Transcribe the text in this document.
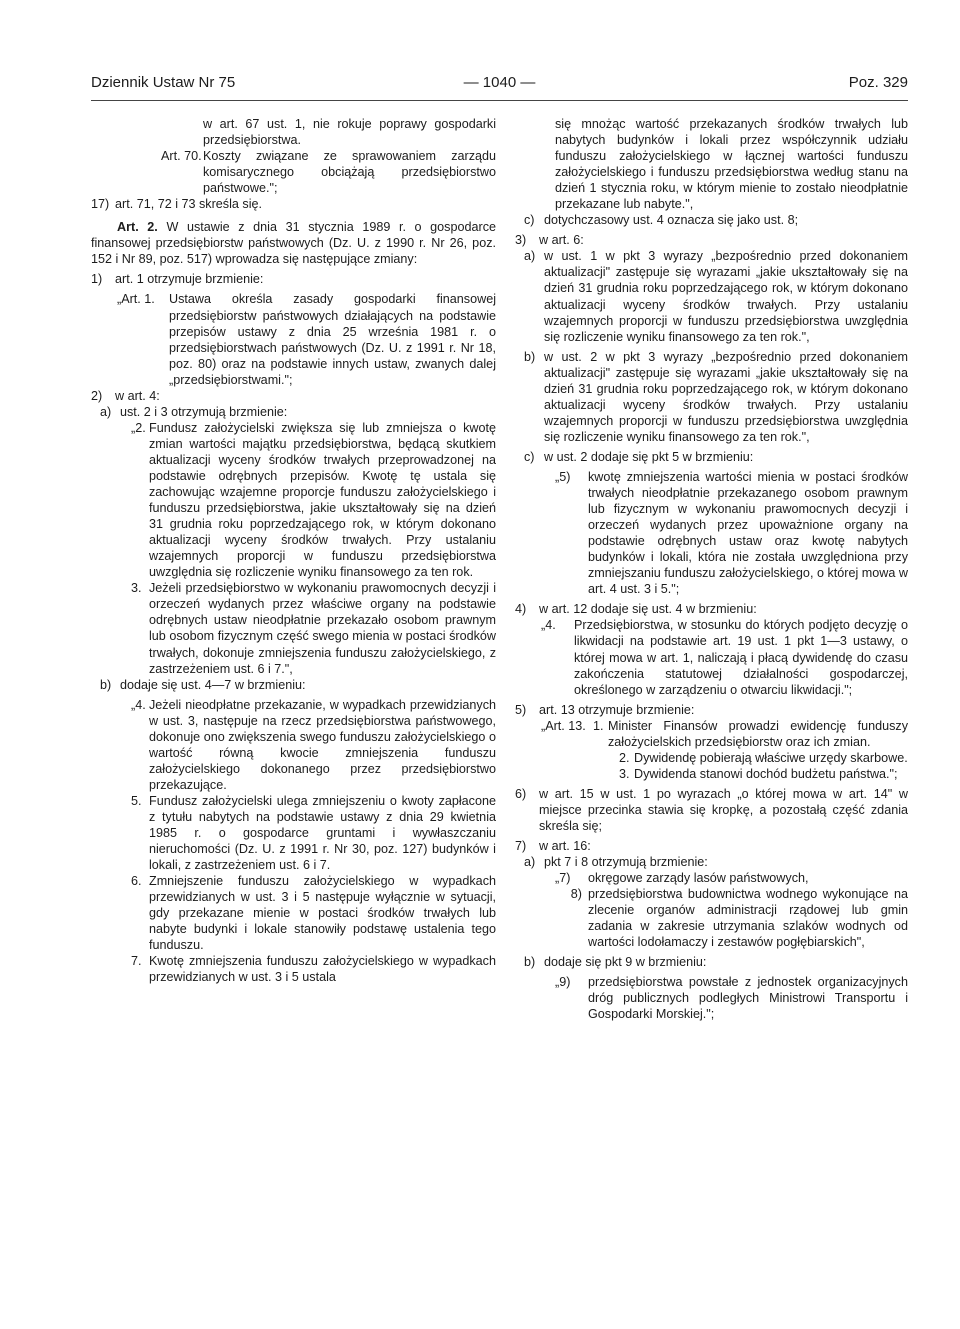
Dziennik Ustaw Nr 75	— 1040 —	Poz. 329

w art. 67 ust. 1, nie rokuje poprawy gospodarki przedsiębiorstwa.

Art. 70. Koszty związane ze sprawowaniem zarządu komisarycznego obciążają przedsiębiorstwo państwowe.";
17) art. 71, 72 i 73 skreśla się.

Art. 2. W ustawie z dnia 31 stycznia 1989 r. o gospodarce finansowej przedsiębiorstw państwowych (Dz. U. z 1990 r. Nr 26, poz. 152 i Nr 89, poz. 517) wprowadza się następujące zmiany:

1)	art. 1 otrzymuje brzmienie:
„Art. 1.	Ustawa określa zasady gospodarki finansowej przedsiębiorstw państwowych działających na podstawie przepisów ustawy z dnia 25 września 1981 r. o przedsiębiorstwach państwowych (Dz. U. z 1991 r. Nr 18, poz. 80) oraz na podstawie innych ustaw, zwanych dalej „przedsiębiorstwami.";
2)	w art. 4:
a) ust. 2 i 3 otrzymują brzmienie:
„2. Fundusz założycielski zwiększa się lub zmniejsza o kwotę zmian wartości majątku przedsiębiorstwa, będącą skutkiem aktualizacji wyceny środków trwałych przeprowadzonej na podstawie odrębnych przepisów. Kwotę tę ustala się zachowując wzajemne proporcje funduszu założycielskiego i funduszu przedsiębiorstwa, jakie ukształtowały się na dzień 31 grudnia roku poprzedzającego rok, w którym dokonano aktualizacji wyceny środków trwałych. Przy ustalaniu wzajemnych proporcji w funduszu przedsiębiorstwa uwzględnia się rozliczenie wyniku finansowego za ten rok.
3. Jeżeli przedsiębiorstwo w wykonaniu prawomocnych decyzji i orzeczeń wydanych przez właściwe organy na podstawie odrębnych ustaw nieodpłatnie przekazało osobom prawnym lub osobom fizycznym część swego mienia w postaci środków trwałych, dokonuje zmniejszenia funduszu założycielskiego, z zastrzeżeniem ust. 6 i 7.",
b) dodaje się ust. 4—7 w brzmieniu:
„4. Jeżeli nieodpłatne przekazanie, w wypadkach przewidzianych w ust. 3, następuje na rzecz przedsiębiorstwa państwowego, dokonuje ono zwiększenia swego funduszu założycielskiego o wartość równą kwocie zmniejszenia funduszu założycielskiego dokonanego przez przedsiębiorstwo przekazujące.
5. Fundusz założycielski ulega zmniejszeniu o kwoty zapłacone z tytułu nabytych na podstawie ustawy z dnia 29 kwietnia 1985 r. o gospodarce gruntami i wywłaszczaniu nieruchomości (Dz. U. z 1991 r. Nr 30, poz. 127) budynków i lokali, z zastrzeżeniem ust. 6 i 7.
6. Zmniejszenie funduszu założycielskiego w wypadkach przewidzianych w ust. 3 i 5 następuje wyłącznie w sytuacji, gdy przekazane mienie w postaci środków trwałych lub nabyte budynki i lokale stanowiły podstawę ustalenia tego funduszu.
7. Kwotę zmniejszenia funduszu założycielskiego w wypadkach przewidzianych w ust. 3 i 5 ustala

się mnożąc wartość przekazanych środków trwałych lub nabytych budynków i lokali przez współczynnik udziału funduszu założycielskiego w łącznej wartości funduszu założycielskiego i funduszu przedsiębiorstwa według stanu na dzień 1 stycznia roku, w którym mienie to zostało nieodpłatnie przekazane lub nabyte.",

c) dotychczasowy ust. 4 oznacza się jako ust. 8;
3)	w art. 6:
a) w ust. 1 w pkt 3 wyrazy „bezpośrednio przed dokonaniem aktualizacji" zastępuje się wyrazami „jakie ukształtowały się na dzień 31 grudnia roku poprzedzającego rok, w którym dokonano aktualizacji wyceny środków trwałych. Przy ustalaniu wzajemnych proporcji w funduszu przedsiębiorstwa uwzględnia się rozliczenie wyniku finansowego za ten rok.",
b) w ust. 2 w pkt 3 wyrazy „bezpośrednio przed dokonaniem aktualizacji" zastępuje się wyrazami „jakie ukształtowały się na dzień 31 grudnia roku poprzedzającego rok, w którym dokonano aktualizacji wyceny środków trwałych. Przy ustalaniu wzajemnych proporcji w funduszu przedsiębiorstwa uwzględnia się rozliczenie wyniku finansowego za ten rok.",
c) w ust. 2 dodaje się pkt 5 w brzmieniu:
„5)	kwotę zmniejszenia wartości mienia w postaci środków trwałych nieodpłatnie przekazanego osobom prawnym lub fizycznym w wykonaniu prawomocnych decyzji i orzeczeń wydanych przez upoważnione organy na podstawie odrębnych ustaw oraz kwotę nabytych budynków i lokali, która nie została uwzględniona przy zmniejszaniu funduszu założycielskiego, o której mowa w art. 4 ust. 3 i 5.";
4)	w art. 12 dodaje się ust. 4 w brzmieniu:
„4.	Przedsiębiorstwa, w stosunku do których podjęto decyzję o likwidacji na podstawie art. 19 ust. 1 pkt 1—3 ustawy, o której mowa w art. 1, naliczają i płacą dywidendę do czasu zakończenia statutowej działalności gospodarczej, określonego w zarządzeniu o otwarciu likwidacji.";
5)	art. 13 otrzymuje brzmienie:
„Art. 13. 1. Minister Finansów prowadzi ewidencję funduszy założycielskich przedsiębiorstw oraz ich zmian.
2. Dywidendę pobierają właściwe urzędy skarbowe.
3. Dywidenda stanowi dochód budżetu państwa.";
6)	w art. 15 w ust. 1 po wyrazach „o której mowa w art. 14" w miejsce przecinka stawia się kropkę, a pozostałą część zdania skreśla się;
7)	w art. 16:
a) pkt 7 i 8 otrzymują brzmienie:
„7)	okręgowe zarządy lasów państwowych,
8) przedsiębiorstwa budownictwa wodnego wykonujące na zlecenie organów administracji rządowej lub gmin zadania w zakresie utrzymania szlaków wodnych od wartości lodołamaczy i zestawów pogłębiarskich",
b) dodaje się pkt 9 w brzmieniu:
„9)	przedsiębiorstwa powstałe z jednostek organizacyjnych dróg publicznych podległych Ministrowi Transportu i Gospodarki Morskiej.";
